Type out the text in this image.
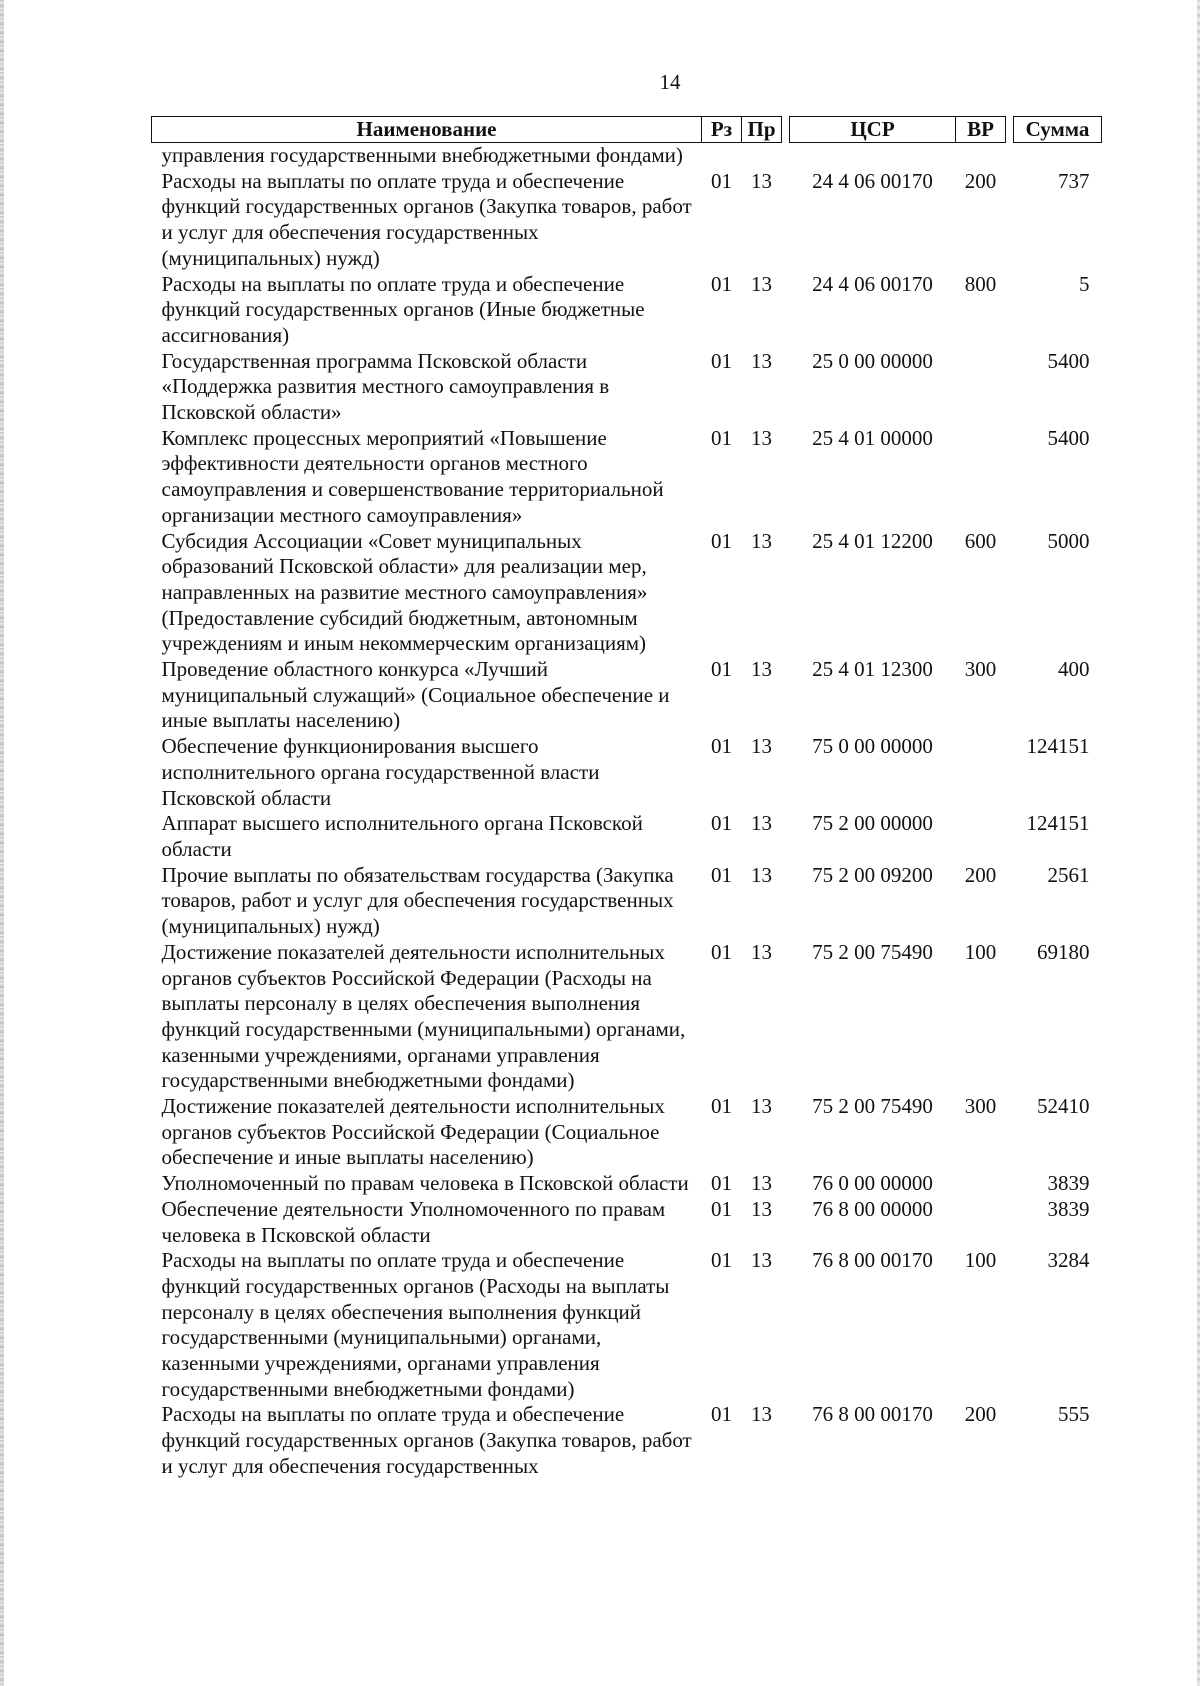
14
Наименование	Рз	Пр		ЦСР	ВР		Сумма
управления государственными внебюджетными фондами)							
Расходы на выплаты по оплате труда и обеспечение функций государственных органов (Закупка товаров, работ и услуг для обеспечения государственных (муниципальных) нужд)	01	13		24 4 06 00170	200		737
Расходы на выплаты по оплате труда и обеспечение функций государственных органов (Иные бюджетные ассигнования)	01	13		24 4 06 00170	800		5
Государственная программа Псковской области «Поддержка развития местного самоуправления в Псковской области»	01	13		25 0 00 00000			5400
Комплекс процессных мероприятий «Повышение эффективности деятельности органов местного самоуправления и совершенствование территориальной организации местного самоуправления»	01	13		25 4 01 00000			5400
Субсидия Ассоциации «Совет муниципальных образований Псковской области» для реализации мер, направленных на развитие местного самоуправления» (Предоставление субсидий бюджетным, автономным учреждениям и иным некоммерческим организациям)	01	13		25 4 01 12200	600		5000
Проведение областного конкурса «Лучший муниципальный служащий» (Социальное обеспечение и иные выплаты населению)	01	13		25 4 01 12300	300		400
Обеспечение функционирования высшего исполнительного органа государственной власти Псковской области	01	13		75 0 00 00000			124151
Аппарат высшего исполнительного органа Псковской области	01	13		75 2 00 00000			124151
Прочие выплаты по обязательствам государства (Закупка товаров, работ и услуг для обеспечения государственных (муниципальных) нужд)	01	13		75 2 00 09200	200		2561
Достижение показателей деятельности исполнительных органов субъектов Российской Федерации (Расходы на выплаты персоналу в целях обеспечения выполнения функций государственными (муниципальными) органами, казенными учреждениями, органами управления государственными внебюджетными фондами)	01	13		75 2 00 75490	100		69180
Достижение показателей деятельности исполнительных органов субъектов Российской Федерации (Социальное обеспечение и иные выплаты населению)	01	13		75 2 00 75490	300		52410
Уполномоченный по правам человека в Псковской области	01	13		76 0 00 00000			3839
Обеспечение деятельности Уполномоченного по правам человека в Псковской области	01	13		76 8 00 00000			3839
Расходы на выплаты по оплате труда и обеспечение функций государственных органов (Расходы на выплаты персоналу в целях обеспечения выполнения функций государственными (муниципальными) органами, казенными учреждениями, органами управления государственными внебюджетными фондами)	01	13		76 8 00 00170	100		3284
Расходы на выплаты по оплате труда и обеспечение функций государственных органов (Закупка товаров, работ и услуг для обеспечения государственных	01	13		76 8 00 00170	200		555
